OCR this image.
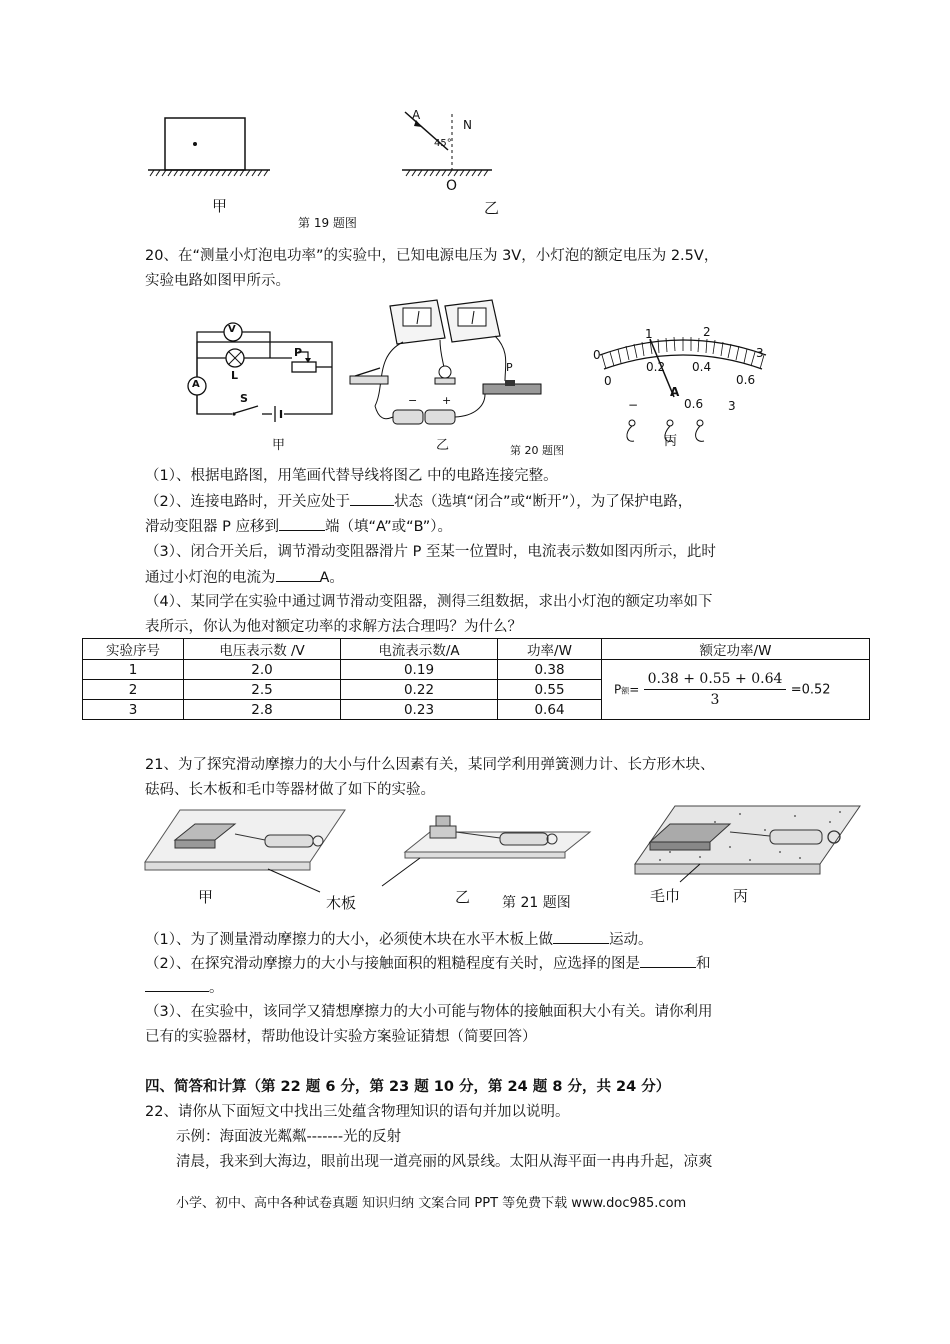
A
N
45°
O
甲	乙
第 19 题图
20、在“测量小灯泡电功率”的实验中，已知电源电压为 3V，小灯泡的额定电压为 2.5V，
实验电路如图甲所示。
V
A
L
P
S
甲
P
− +
乙	第 20 题图
0
1	2
3
0
0.2 0.4
0.6
A
−	0.6 3
丙
（1）、根据电路图，用笔画代替导线将图乙 中的电路连接完整。
（2）、连接电路时，开关应处于	状态（选填“闭合”或“断开”），为了保护电路，
滑动变阻器 P 应移到	端（填“A”或“B”）。
（3）、闭合开关后，调节滑动变阻器滑片 P 至某一位置时，电流表示数如图丙所示，此时
通过小灯泡的电流为	A。
（4）、某同学在实验中通过调节滑动变阻器，测得三组数据，求出小灯泡的额定功率如下
表所示，你认为他对额定功率的求解方法合理吗？为什么？
实验序号	电压表示数 /V	电流表示数/A	功率/W	额定功率/W
1	2.0	0.19	0.38	P额= $\frac{0.38 + 0.55 + 0.64}{3} =0.52$
2	2.5	0.22	0.55	
3	2.8	0.23	0.64	
21、为了探究滑动摩擦力的大小与什么因素有关，某同学利用弹簧测力计、长方形木块、
砝码、长木板和毛巾等器材做了如下的实验。
甲	木板	乙 第 21 题图	毛巾	丙
（1）、为了测量滑动摩擦力的大小，必须使木块在水平木板上做	运动。
（2）、在探究滑动摩擦力的大小与接触面积的粗糙程度有关时，应选择的图是	和
。
（3）、在实验中，该同学又猜想摩擦力的大小可能与物体的接触面积大小有关。请你利用
已有的实验器材，帮助他设计实验方案验证猜想（简要回答）
四、简答和计算（第 22 题 6 分，第 23 题 10 分，第 24 题 8 分，共 24 分）
22、请你从下面短文中找出三处蕴含物理知识的语句并加以说明。
示例：海面波光粼粼-------光的反射
清晨，我来到大海边，眼前出现一道亮丽的风景线。太阳从海平面一冉冉升起，凉爽
小学、初中、高中各种试卷真题 知识归纳 文案合同 PPT 等免费下载 www.doc985.com
